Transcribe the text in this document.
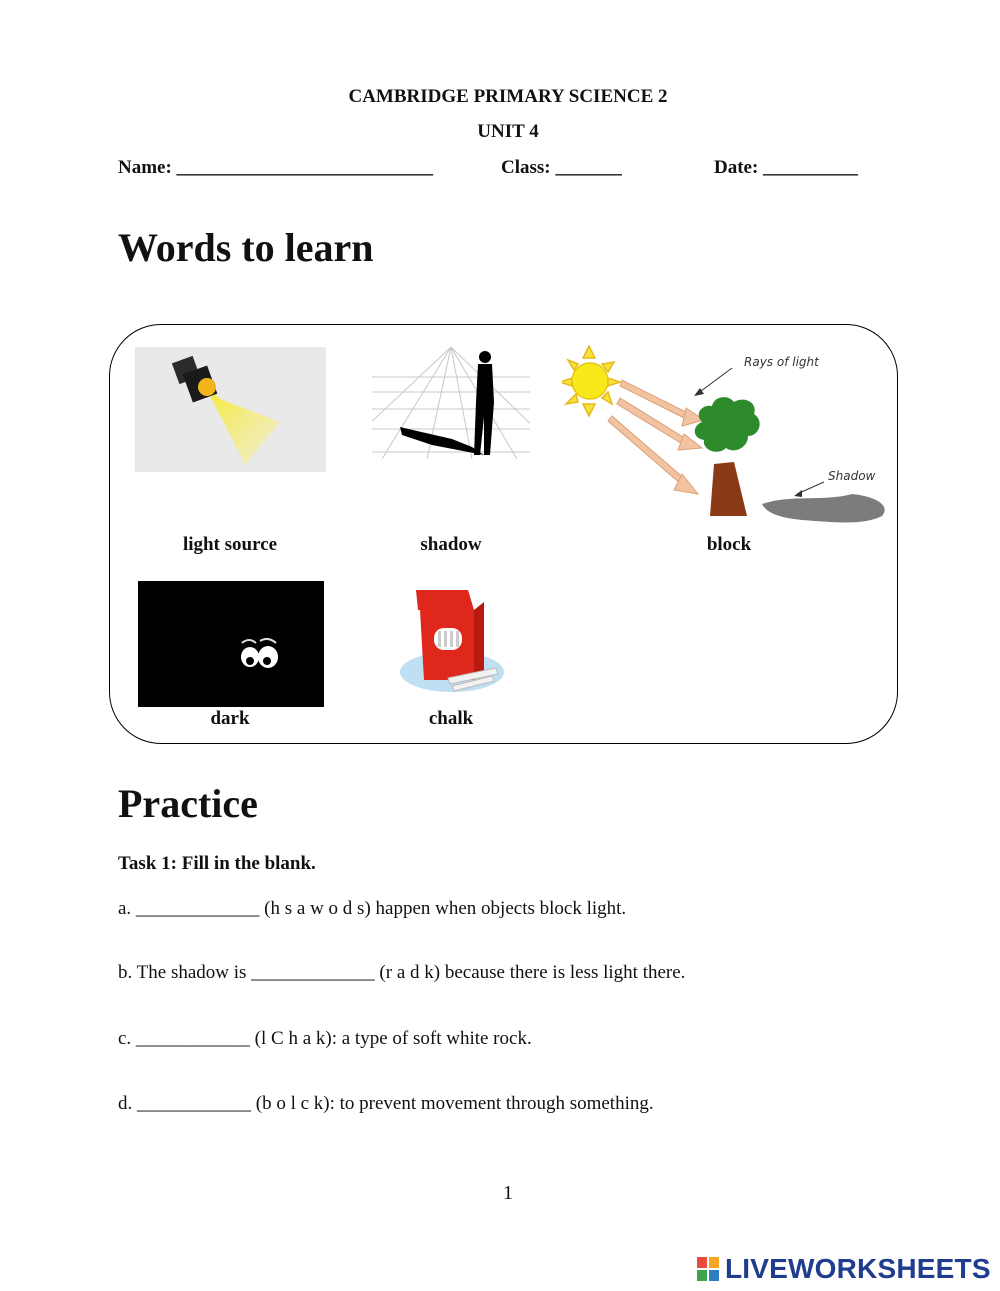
CAMBRIDGE PRIMARY SCIENCE 2
UNIT 4
Name: ___________________________	Class: _______	Date: __________
Words to learn
Rays of light
Shadow
light source	shadow	block
dark	chalk
Practice
Task 1: Fill in the blank.
a. _____________ (h s a w o d s) happen when objects block light.
b. The shadow is _____________ (r a d k) because there is less light there.
c. ____________ (l C h a k): a type of soft white rock.
d. ____________ (b o l c k): to prevent movement through something.
1
LIVEWORKSHEETS
